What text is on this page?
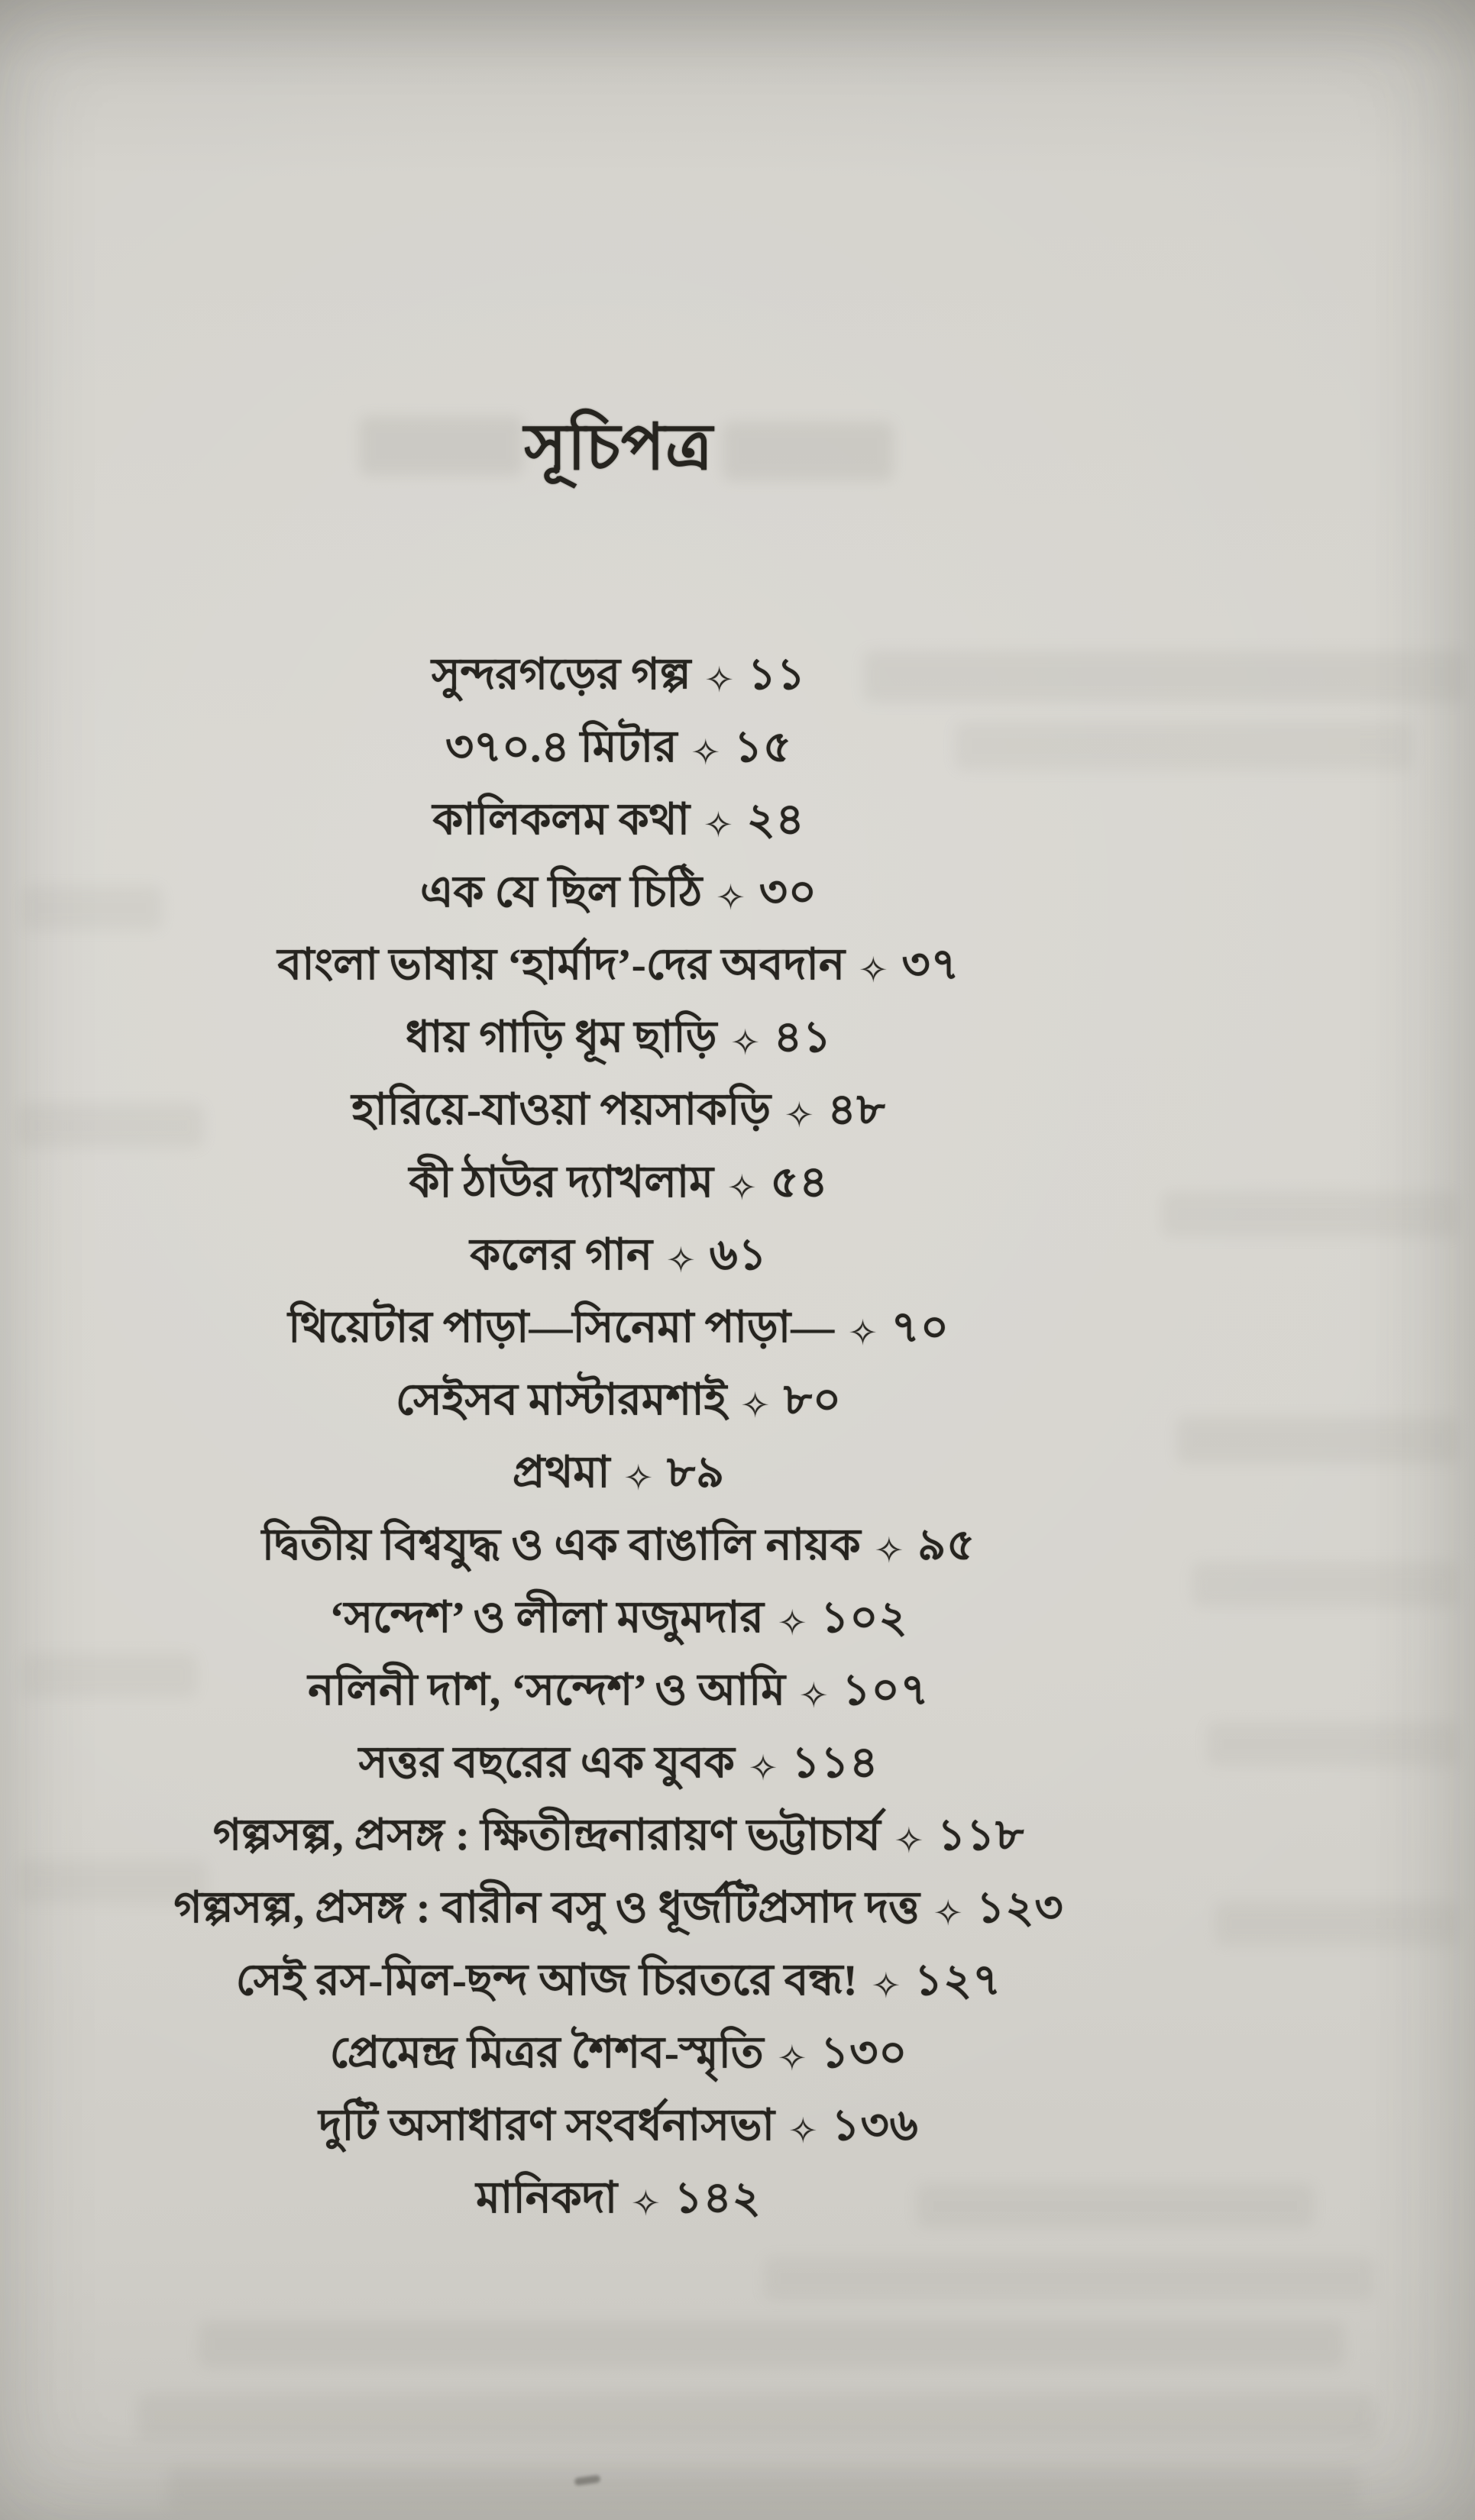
সূচিপত্র
সুন্দরগড়ের গল্প ✧ ১১
৩৭০.৪ মিটার ✧ ১৫
কালিকলম কথা ✧ ২৪
এক যে ছিল চিঠি ✧ ৩০
বাংলা ভাষায় ‘হার্মাদ’-দের অবদান ✧ ৩৭
ধায় গাড়ি ধূম ছাড়ি ✧ ৪১
হারিয়ে-যাওয়া পয়সাকড়ি ✧ ৪৮
কী ঠাউর দ্যাখলাম ✧ ৫৪
কলের গান ✧ ৬১
থিয়েটার পাড়া—সিনেমা পাড়া— ✧ ৭০
সেইসব মাস্টারমশাই ✧ ৮০
প্রথমা ✧ ৮৯
দ্বিতীয় বিশ্বযুদ্ধ ও এক বাঙালি নায়ক ✧ ৯৫
‘সন্দেশ’ ও লীলা মজুমদার ✧ ১০২
নলিনী দাশ, ‘সন্দেশ’ ও আমি ✧ ১০৭
সত্তর বছরের এক যুবক ✧ ১১৪
গল্পসল্প, প্রসঙ্গ : ক্ষিতীন্দ্রনারায়ণ ভট্টাচার্য ✧ ১১৮
গল্পসল্প, প্রসঙ্গ : বারীন বসু ও ধূর্জটিপ্রসাদ দত্ত ✧ ১২৩
সেই রস-মিল-ছন্দ আজ চিরতরে বন্ধ! ✧ ১২৭
প্রেমেন্দ্র মিত্রর শৈশব-স্মৃতি ✧ ১৩০
দুটি অসাধারণ সংবর্ধনাসভা ✧ ১৩৬
মানিকদা ✧ ১৪২
